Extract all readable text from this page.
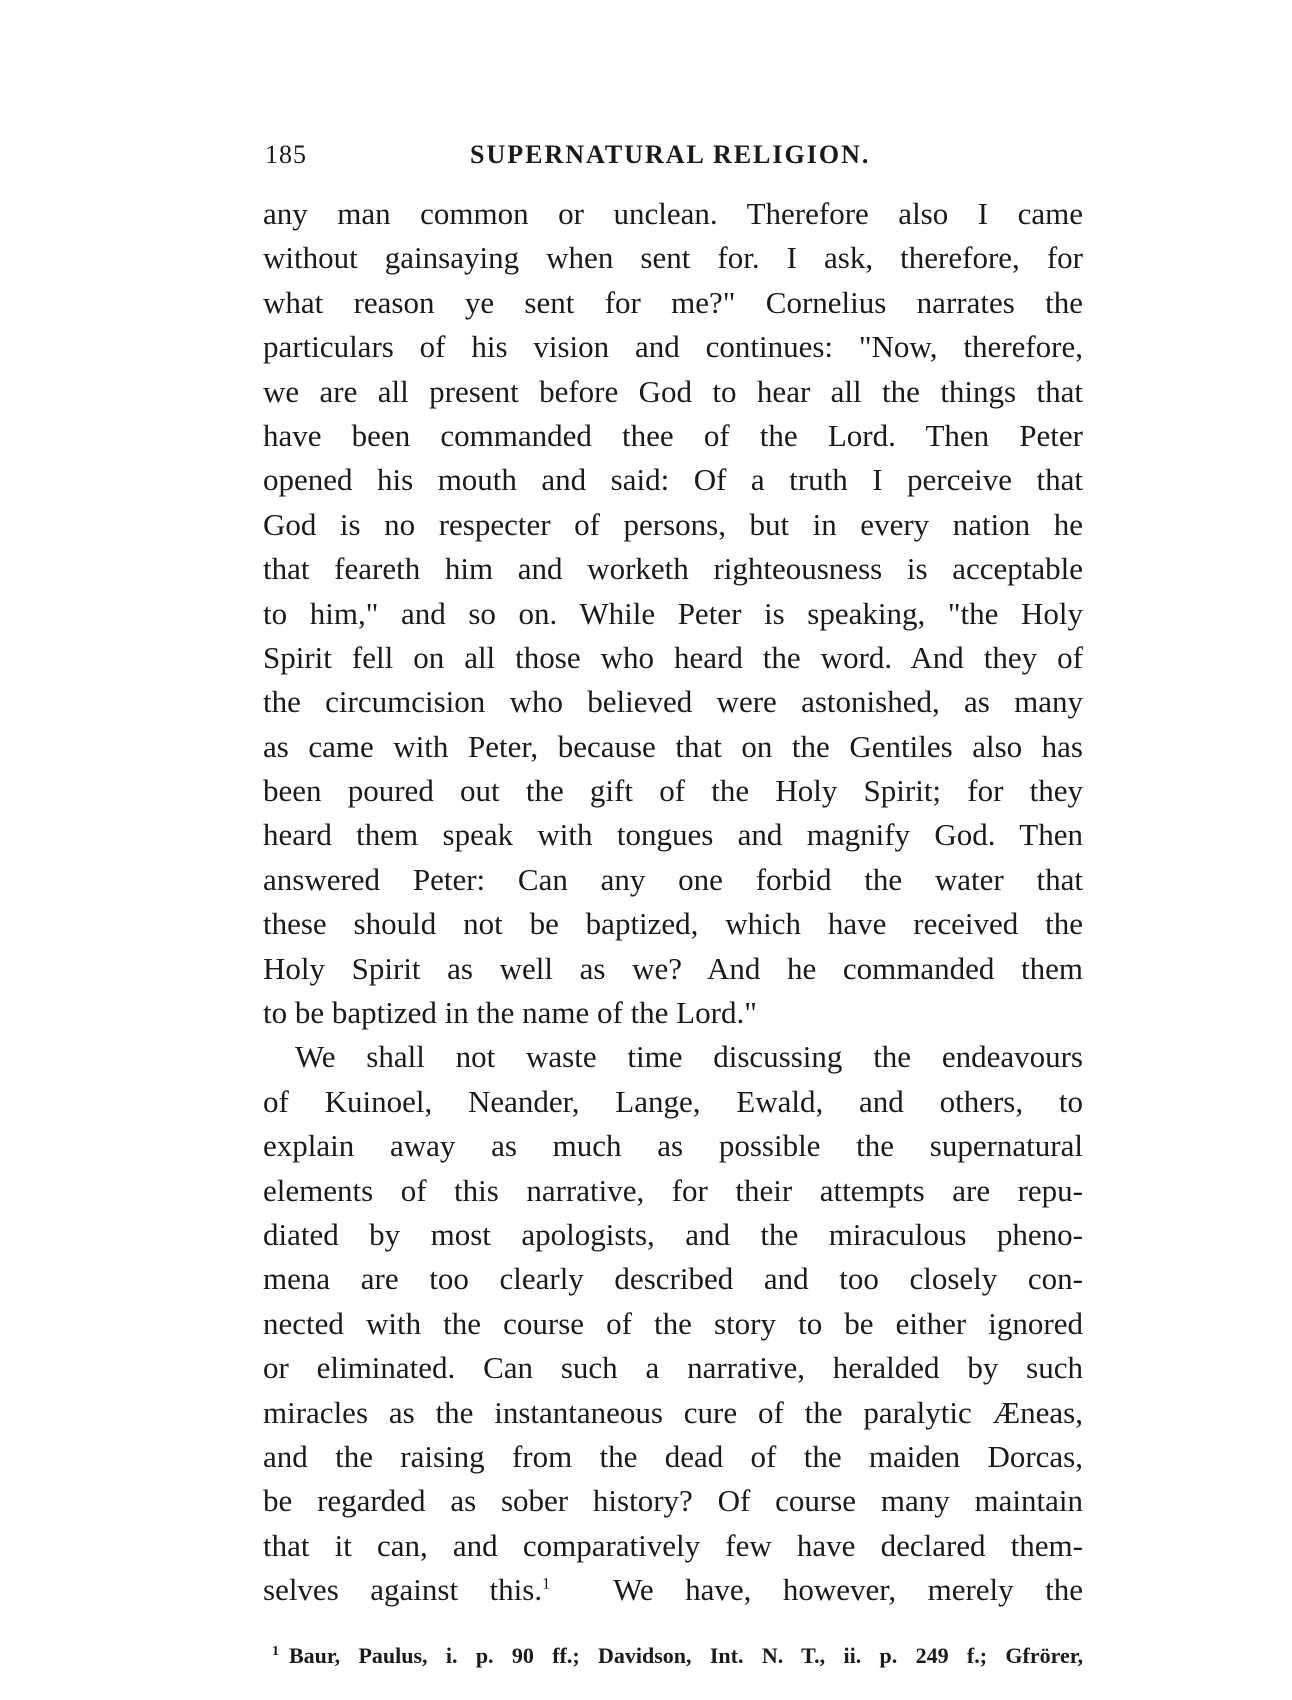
185	SUPERNATURAL RELIGION.
any man common or unclean. Therefore also I came
without gainsaying when sent for. I ask, therefore, for
what reason ye sent for me?" Cornelius narrates the
particulars of his vision and continues: "Now, therefore,
we are all present before God to hear all the things that
have been commanded thee of the Lord. Then Peter
opened his mouth and said: Of a truth I perceive that
God is no respecter of persons, but in every nation he
that feareth him and worketh righteousness is acceptable
to him," and so on. While Peter is speaking, "the Holy
Spirit fell on all those who heard the word. And they of
the circumcision who believed were astonished, as many
as came with Peter, because that on the Gentiles also has
been poured out the gift of the Holy Spirit; for they
heard them speak with tongues and magnify God. Then
answered Peter: Can any one forbid the water that
these should not be baptized, which have received the
Holy Spirit as well as we? And he commanded them
to be baptized in the name of the Lord."
We shall not waste time discussing the endeavours
of Kuinoel, Neander, Lange, Ewald, and others, to
explain away as much as possible the supernatural
elements of this narrative, for their attempts are repu-
diated by most apologists, and the miraculous pheno-
mena are too clearly described and too closely con-
nected with the course of the story to be either ignored
or eliminated. Can such a narrative, heralded by such
miracles as the instantaneous cure of the paralytic Æneas,
and the raising from the dead of the maiden Dorcas,
be regarded as sober history? Of course many maintain
that it can, and comparatively few have declared them-
selves against this.$^1$ We have, however, merely the
$^1$ Baur, Paulus, i. p. 90 ff.; Davidson, Int. N. T., ii. p. 249 f.; Gfrörer,
